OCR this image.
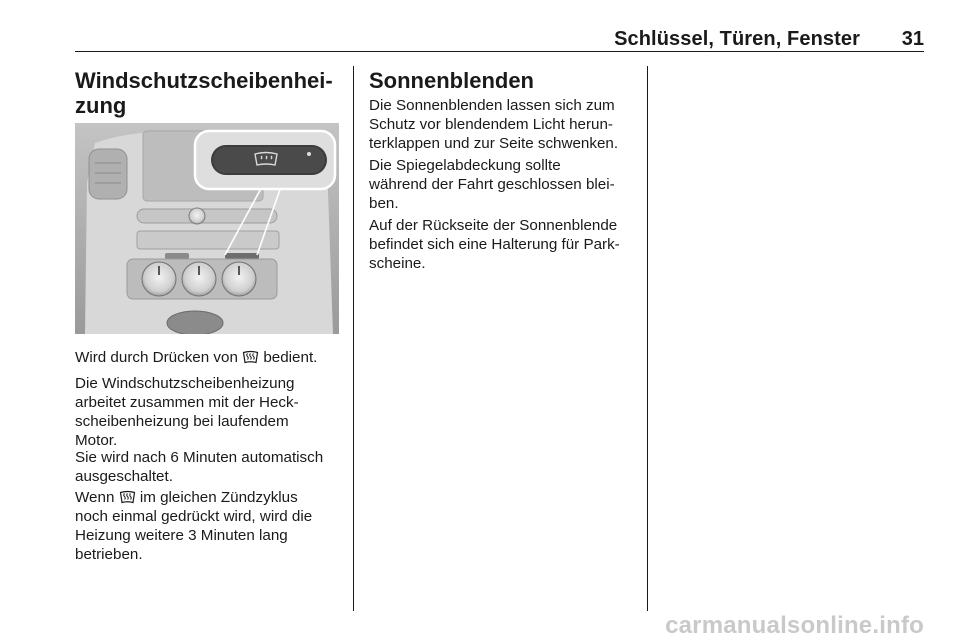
Schlüssel, Türen, Fenster	31
Windschutzscheibenhei-
zung

Wird durch Drücken von  bedient.

Die Windschutzscheibenheizung
arbeitet zusammen mit der Heck-
scheibenheizung bei laufendem
Motor.

Sie wird nach 6 Minuten automatisch
ausgeschaltet.

Wenn  im gleichen Zündzyklus
noch einmal gedrückt wird, wird die
Heizung weitere 3 Minuten lang
betrieben.

Sonnenblenden

Die Sonnenblenden lassen sich zum
Schutz vor blendendem Licht herun-
terklappen und zur Seite schwenken.

Die Spiegelabdeckung sollte
während der Fahrt geschlossen blei-
ben.

Auf der Rückseite der Sonnenblende
befindet sich eine Halterung für Park-
scheine.

carmanualsonline.info
